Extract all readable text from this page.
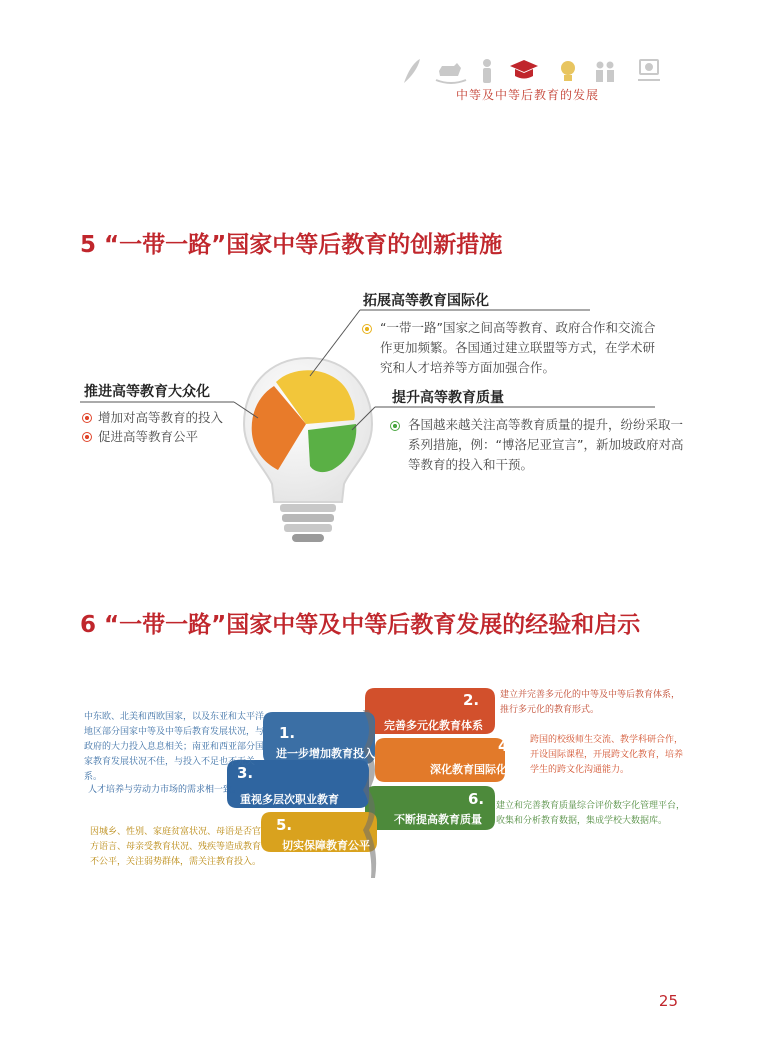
中等及中等后教育的发展
5 “一带一路”国家中等后教育的创新措施
推进高等教育大众化
增加对高等教育的投入
促进高等教育公平
拓展高等教育国际化
“一带一路”国家之间高等教育、政府合作和交流合作更加频繁。各国通过建立联盟等方式，在学术研究和人才培养等方面加强合作。
提升高等教育质量
各国越来越关注高等教育质量的提升，纷纷采取一系列措施，例：“博洛尼亚宣言”，新加坡政府对高等教育的投入和干预。
6 “一带一路”国家中等及中等后教育发展的经验和启示
1.
进一步增加教育投入
2.
完善多元化教育体系
3.
重视多层次职业教育
4.
深化教育国际化
5.
切实保障教育公平
6.
不断提高教育质量
中东欧、北美和西欧国家，以及东亚和太平洋地区部分国家中等及中等后教育发展状况，与政府的大力投入息息相关；南亚和西亚部分国家教育发展状况不佳，与投入不足也不无关系。
建立并完善多元化的中等及中等后教育体系，推行多元化的教育形式。
人才培养与劳动力市场的需求相一致。
跨国的校级师生交流、教学科研合作，开设国际课程，开展跨文化教育，培养学生的跨文化沟通能力。
因城乡、性别、家庭贫富状况、母语是否官方语言、母亲受教育状况、残疾等造成教育不公平，关注弱势群体，需关注教育投入。
建立和完善教育质量综合评价数字化管理平台，收集和分析教育数据，集成学校大数据库。
25
